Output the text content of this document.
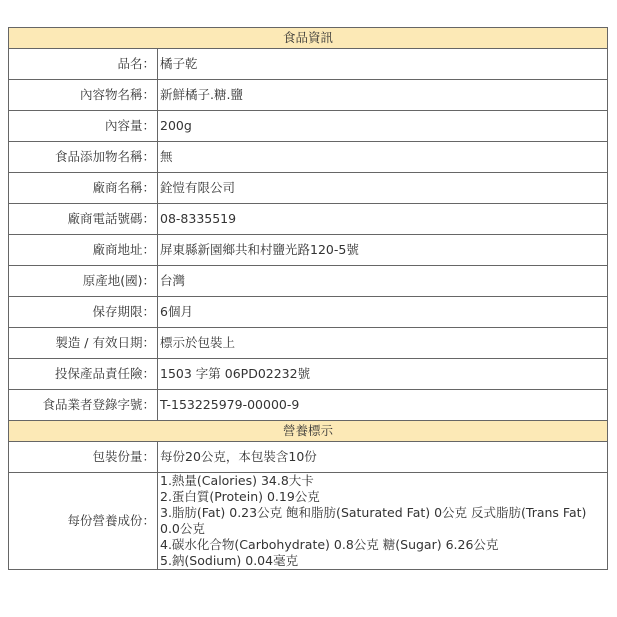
食品資訊	
品名：	橘子乾
內容物名稱：	新鮮橘子.糖.鹽
內容量：	200g
食品添加物名稱：	無
廠商名稱：	銓愷有限公司
廠商電話號碼：	08-8335519
廠商地址：	屏東縣新園鄉共和村鹽光路120-5號
原產地(國)：	台灣
保存期限：	6個月
製造 / 有效日期：	標示於包裝上
投保產品責任險：	1503 字第 06PD02232號
食品業者登錄字號：	T-153225979-00000-9
營養標示	
包裝份量：	每份20公克，本包裝含10份
每份營養成份：	1.熱量(Calories) 34.8大卡
2.蛋白質(Protein) 0.19公克
3.脂肪(Fat) 0.23公克 飽和脂肪(Saturated Fat) 0公克 反式脂肪(Trans Fat) 0.0公克
4.碳水化合物(Carbohydrate) 0.8公克 糖(Sugar) 6.26公克
5.鈉(Sodium) 0.04毫克
